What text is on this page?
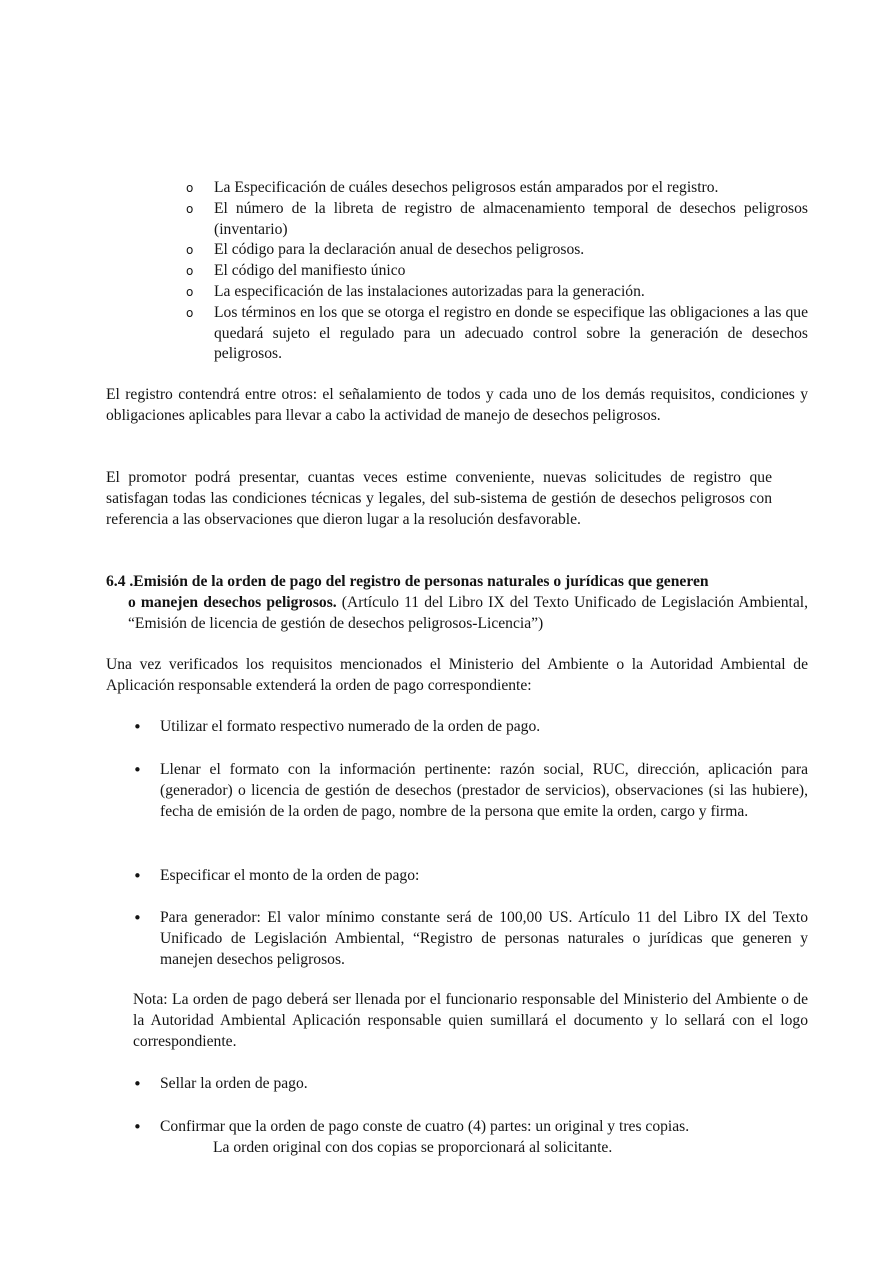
o La Especificación de cuáles desechos peligrosos están amparados por el registro.
o El número de la libreta de registro de almacenamiento temporal de desechos peligrosos (inventario)
o El código para la declaración anual de desechos peligrosos.
o El código del manifiesto único
o La especificación de las instalaciones autorizadas para la generación.
o Los términos en los que se otorga el registro en donde se especifique las obligaciones a las que quedará sujeto el regulado para un adecuado control sobre la generación de desechos peligrosos.

El registro contendrá entre otros: el señalamiento de todos y cada uno de los demás requisitos, condiciones y obligaciones aplicables para llevar a cabo la actividad de manejo de desechos peligrosos.

El promotor podrá presentar, cuantas veces estime conveniente, nuevas solicitudes de registro que satisfagan todas las condiciones técnicas y legales, del sub-sistema de gestión de desechos peligrosos con referencia a las observaciones que dieron lugar a la resolución desfavorable.

6.4 .Emisión de la orden de pago del registro de personas naturales o jurídicas que generen
o manejen desechos peligrosos. (Artículo 11 del Libro IX del Texto Unificado de Legislación Ambiental, “Emisión de licencia de gestión de desechos peligrosos-Licencia”)

Una vez verificados los requisitos mencionados el Ministerio del Ambiente o la Autoridad Ambiental de Aplicación responsable extenderá la orden de pago correspondiente:

•	Utilizar el formato respectivo numerado de la orden de pago.
•	Llenar el formato con la información pertinente: razón social, RUC, dirección, aplicación para (generador) o licencia de gestión de desechos (prestador de servicios), observaciones (si las hubiere), fecha de emisión de la orden de pago, nombre de la persona que emite la orden, cargo y firma.
•	Especificar el monto de la orden de pago:
•	Para generador: El valor mínimo constante será de 100,00 US. Artículo 11 del Libro IX del Texto Unificado de Legislación Ambiental, “Registro de personas naturales o jurídicas que generen y manejen desechos peligrosos.

Nota: La orden de pago deberá ser llenada por el funcionario responsable del Ministerio del Ambiente o de la Autoridad Ambiental Aplicación responsable quien sumillará el documento y lo sellará con el logo correspondiente.

•	Sellar la orden de pago.
•	Confirmar que la orden de pago conste de cuatro (4) partes: un original y tres copias.

La orden original con dos copias se proporcionará al solicitante.
